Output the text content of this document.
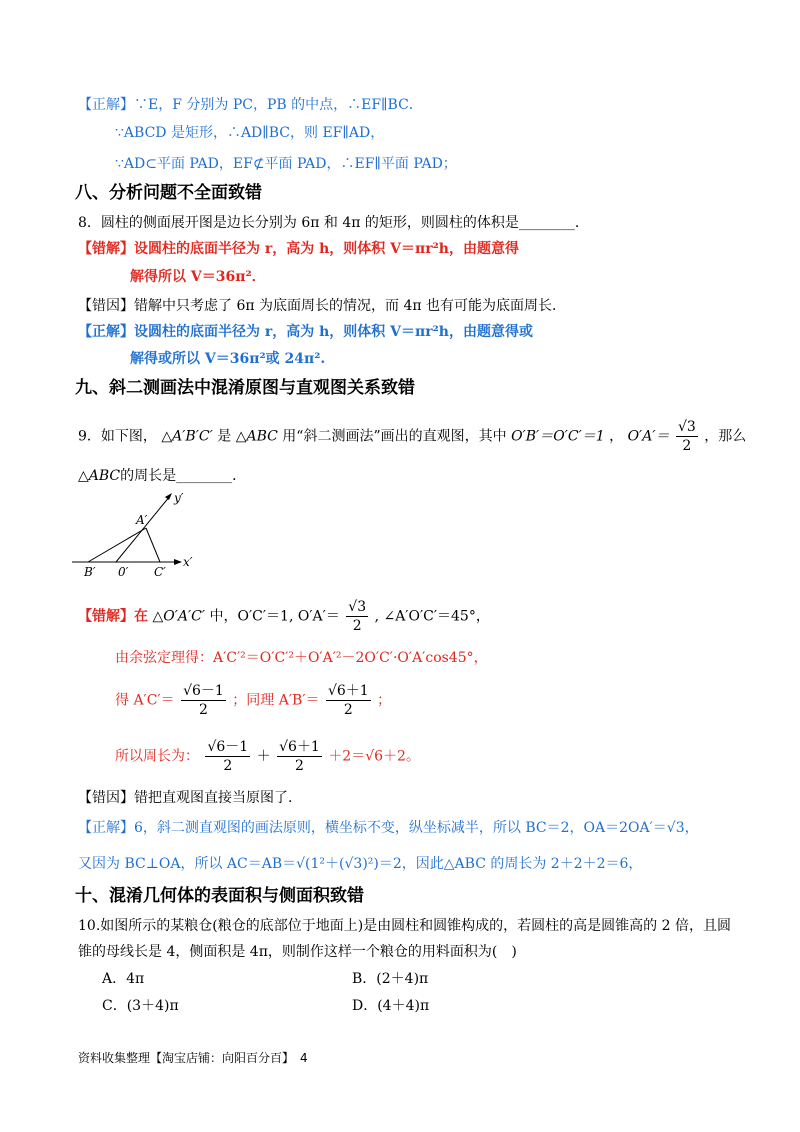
【正解】∵E，F 分别为 PC，PB 的中点，∴EF∥BC．
∵ABCD 是矩形，∴AD∥BC，则 EF∥AD，
∵AD⊂平面 PAD，EF⊄平面 PAD，∴EF∥平面 PAD；
八、分析问题不全面致错
8．圆柱的侧面展开图是边长分别为 6π 和 4π 的矩形，则圆柱的体积是________．
【错解】设圆柱的底面半径为 r，高为 h，则体积 V＝πr²h，由题意得
解得所以 V＝36π²．
【错因】错解中只考虑了 6π 为底面周长的情况，而 4π 也有可能为底面周长．
【正解】设圆柱的底面半径为 r，高为 h，则体积 V＝πr²h，由题意得或
解得或所以 V＝36π²或 24π².
九、斜二测画法中混淆原图与直观图关系致错
9．如下图， △A′B′C′ 是 △ABC 用“斜二测画法”画出的直观图，其中 O′B′＝O′C′＝1 ， $O'A'= \frac{√3}{2}$ ，那么
△ABC的周长是________．
y′
A′
B′ 0′ C′
x′
【错解】在 △O′A′C′ 中，O′C′＝1, $O'A'= \frac{√3}{2}$ , ∠A′O′C′＝45°，
由余弦定理得：A′C′²＝O′C′²＋O′A′²－2O′C′·O′A′cos45°，
得 $A'C'= \frac{√6-1}{2}$ ；同理 $A'B'= \frac{√6+1}{2}$ ；
所以周长为： $\frac{√6-1}{2} + \frac{√6+1}{2} +2=√6+2$。
【错因】错把直观图直接当原图了.
【正解】6，斜二测直观图的画法原则，横坐标不变，纵坐标减半，所以 BC＝2，OA＝2OA′＝√3，
又因为 BC⊥OA，所以 AC＝AB＝√(1²＋(√3)²)＝2，因此△ABC 的周长为 2＋2＋2＝6，
十、混淆几何体的表面积与侧面积致错
10.如图所示的某粮仓(粮仓的底部位于地面上)是由圆柱和圆锥构成的，若圆柱的高是圆锥高的 2 倍，且圆
锥的母线长是 4，侧面积是 4π，则制作这样一个粮仓的用料面积为(　)
A．4π	B．(2＋4)π
C．(3＋4)π	D．(4＋4)π
资料收集整理【淘宝店铺：向阳百分百】　4
